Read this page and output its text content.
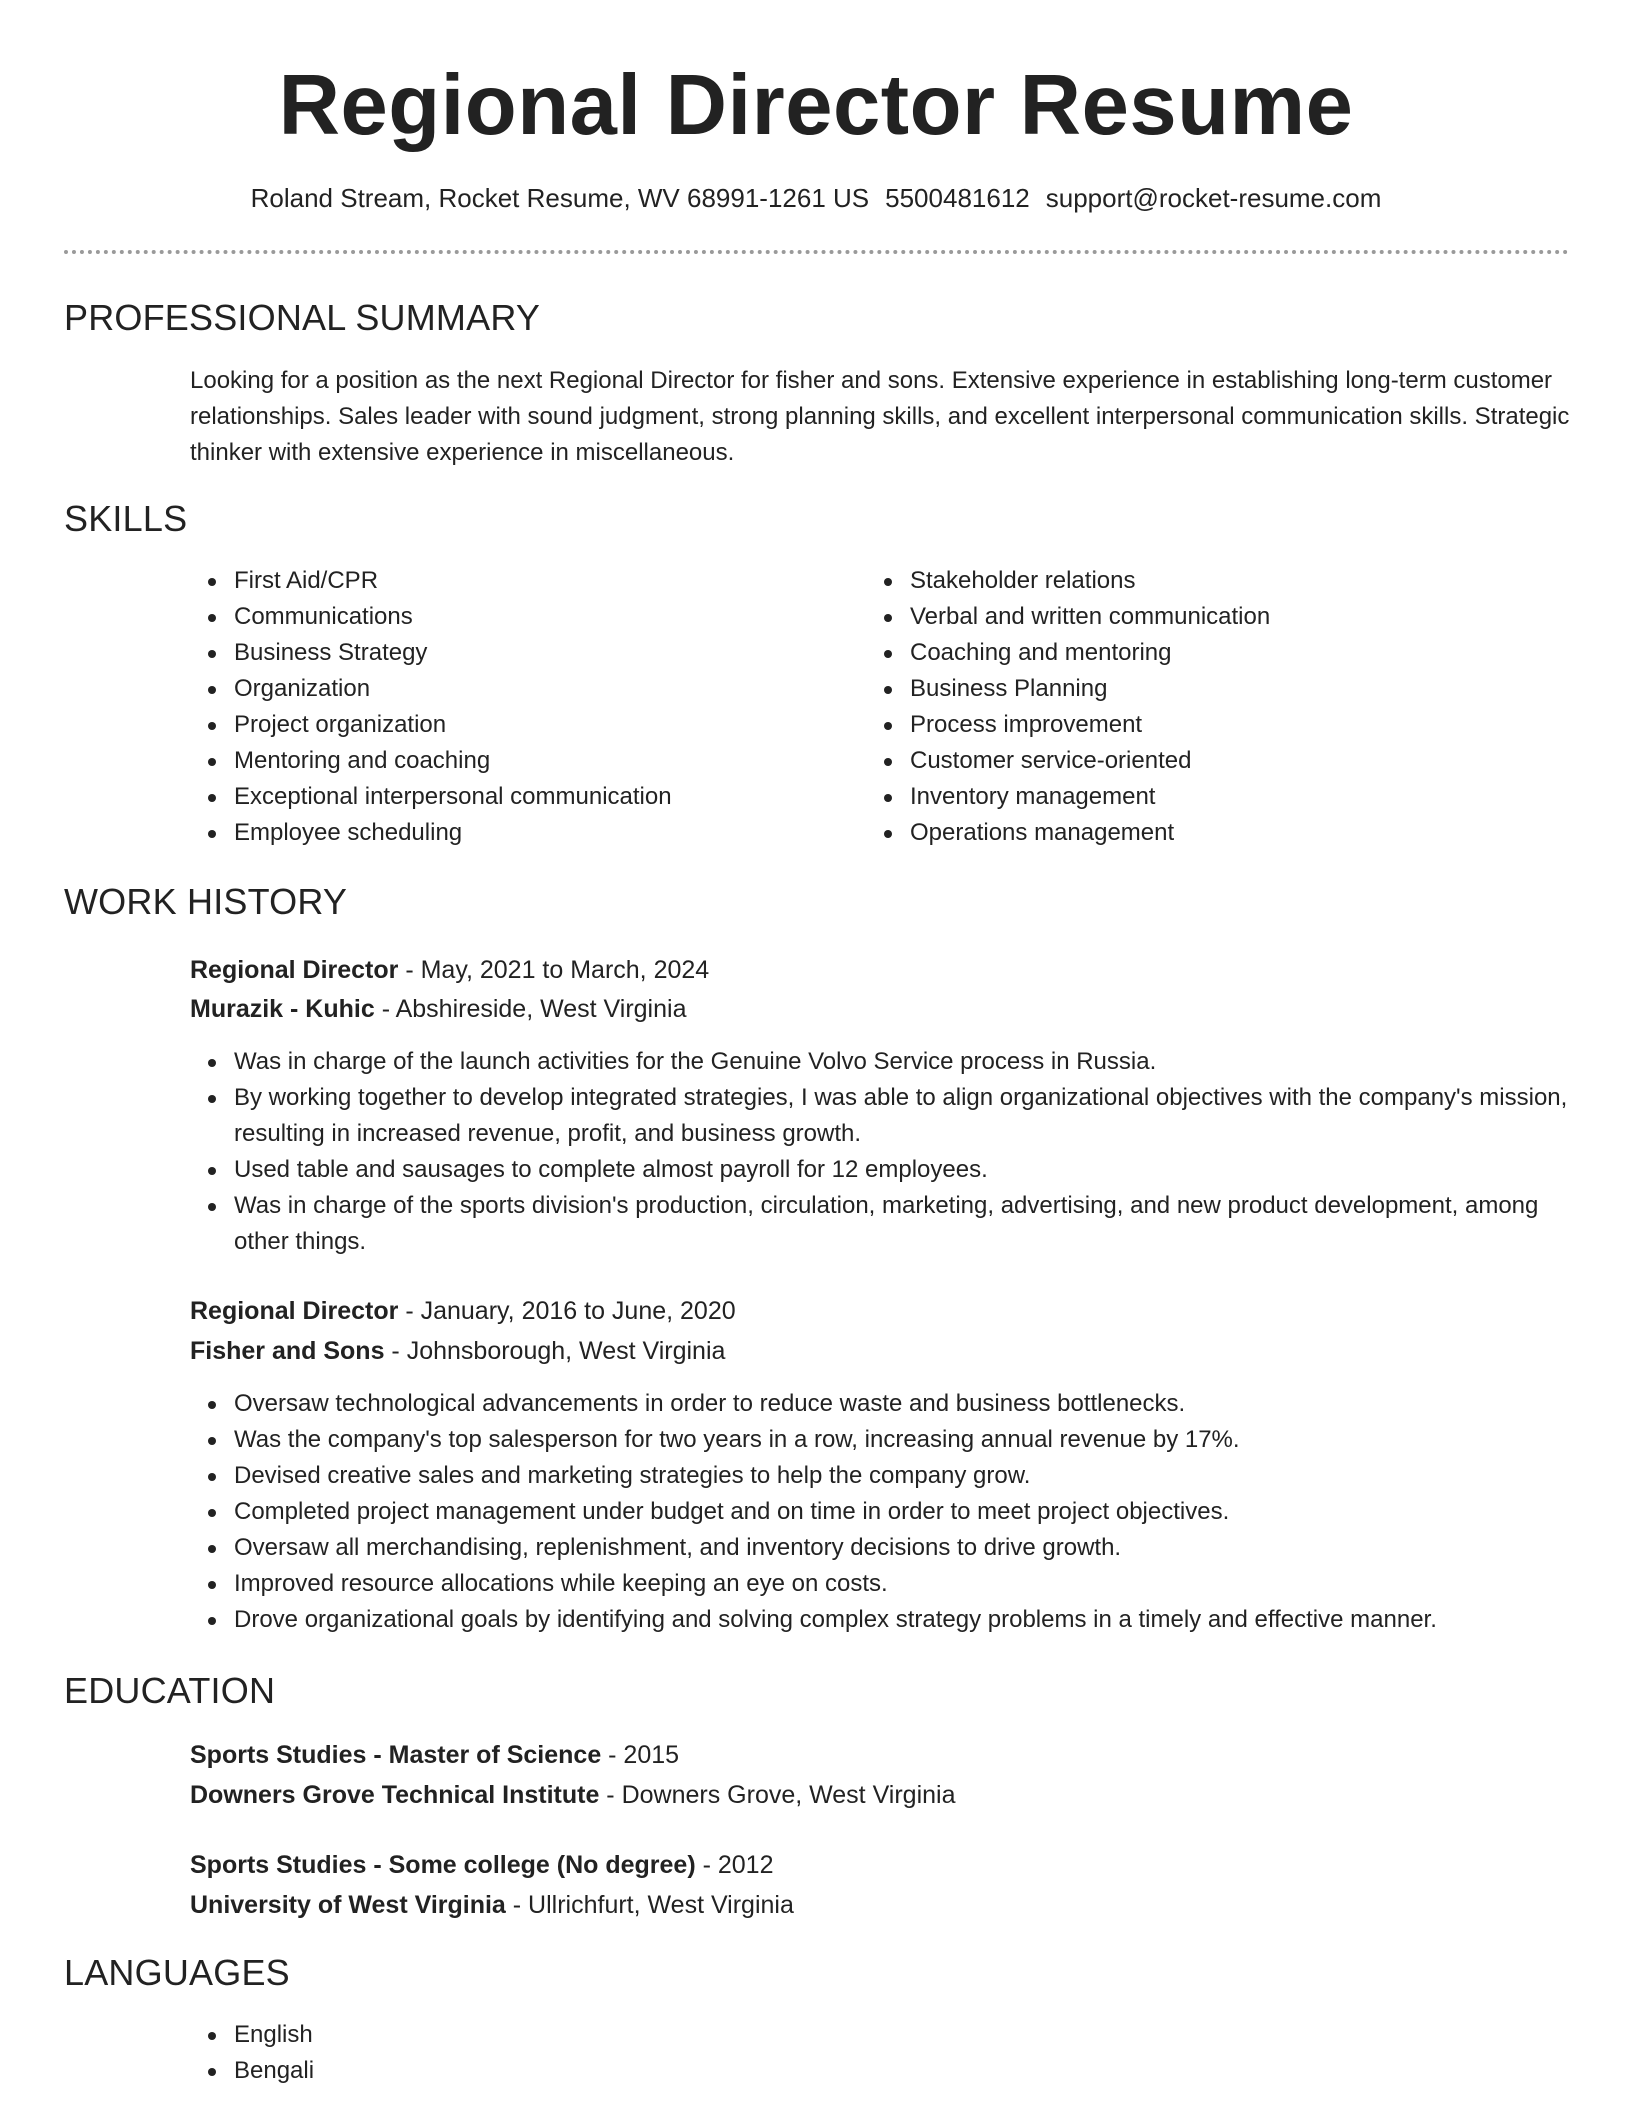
Regional Director Resume
Roland Stream, Rocket Resume, WV 68991-1261 US 5500481612 support@rocket-resume.com
PROFESSIONAL SUMMARY
Looking for a position as the next Regional Director for fisher and sons. Extensive experience in establishing long-term customer relationships. Sales leader with sound judgment, strong planning skills, and excellent interpersonal communication skills. Strategic thinker with extensive experience in miscellaneous.
SKILLS
First Aid/CPR
Communications
Business Strategy
Organization
Project organization
Mentoring and coaching
Exceptional interpersonal communication
Employee scheduling
Stakeholder relations
Verbal and written communication
Coaching and mentoring
Business Planning
Process improvement
Customer service-oriented
Inventory management
Operations management
WORK HISTORY
Regional Director - May, 2021 to March, 2024
Murazik - Kuhic - Abshireside, West Virginia
Was in charge of the launch activities for the Genuine Volvo Service process in Russia.
By working together to develop integrated strategies, I was able to align organizational objectives with the company's mission, resulting in increased revenue, profit, and business growth.
Used table and sausages to complete almost payroll for 12 employees.
Was in charge of the sports division's production, circulation, marketing, advertising, and new product development, among other things.
Regional Director - January, 2016 to June, 2020
Fisher and Sons - Johnsborough, West Virginia
Oversaw technological advancements in order to reduce waste and business bottlenecks.
Was the company's top salesperson for two years in a row, increasing annual revenue by 17%.
Devised creative sales and marketing strategies to help the company grow.
Completed project management under budget and on time in order to meet project objectives.
Oversaw all merchandising, replenishment, and inventory decisions to drive growth.
Improved resource allocations while keeping an eye on costs.
Drove organizational goals by identifying and solving complex strategy problems in a timely and effective manner.
EDUCATION
Sports Studies - Master of Science - 2015
Downers Grove Technical Institute - Downers Grove, West Virginia
Sports Studies - Some college (No degree) - 2012
University of West Virginia - Ullrichfurt, West Virginia
LANGUAGES
English
Bengali
